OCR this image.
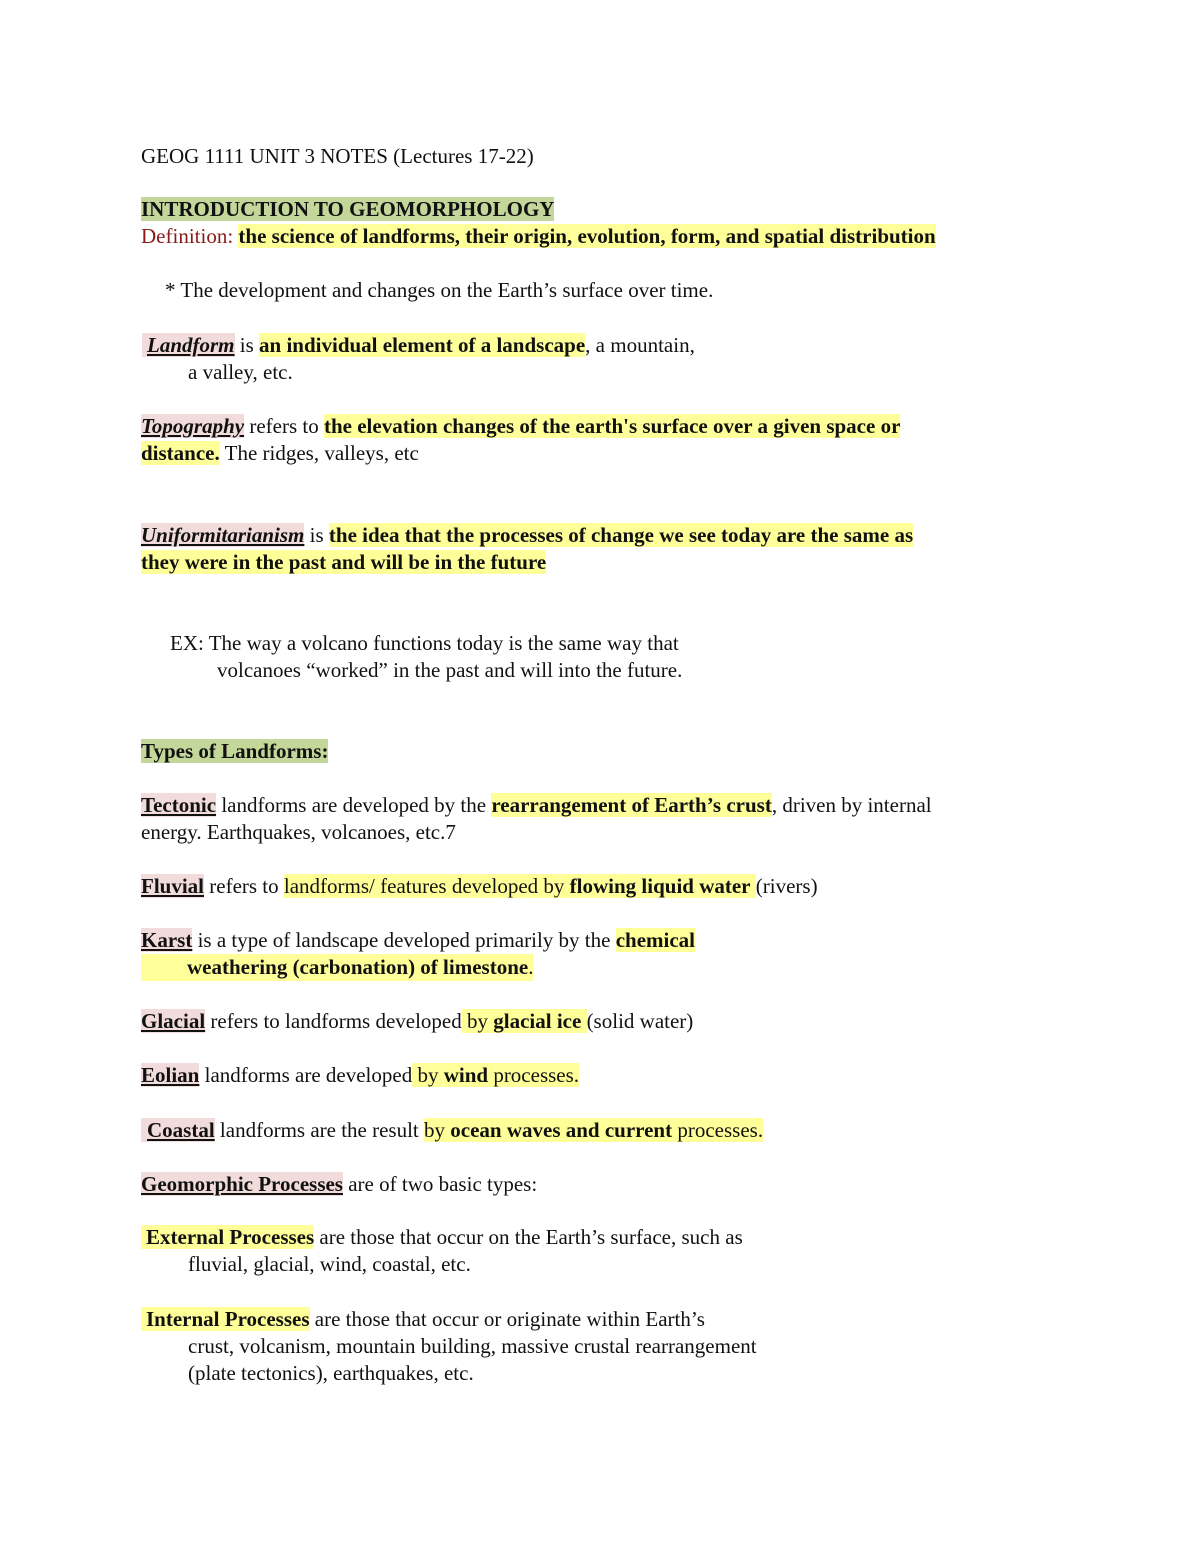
GEOG 1111 UNIT 3 NOTES (Lectures 17-22)

INTRODUCTION TO GEOMORPHOLOGY

Definition: the science of landforms, their origin, evolution, form, and spatial distribution

* The development and changes on the Earth’s surface over time.

Landform is an individual element of a landscape, a mountain,
a valley, etc.
Topography refers to the elevation changes of the earth's surface over a given space or
distance. The ridges, valleys, etc
Uniformitarianism is the idea that the processes of change we see today are the same as
they were in the past and will be in the future
EX: The way a volcano functions today is the same way that
volcanoes “worked” in the past and will into the future.

Types of Landforms:

Tectonic landforms are developed by the rearrangement of Earth’s crust, driven by internal
energy. Earthquakes, volcanoes, etc.7

Fluvial refers to landforms/ features developed by flowing liquid water (rivers)

Karst is a type of landscape developed primarily by the chemical
weathering (carbonation) of limestone.

Glacial refers to landforms developed by glacial ice (solid water)

Eolian landforms are developed by wind processes.

Coastal landforms are the result by ocean waves and current processes.

Geomorphic Processes are of two basic types:

External Processes are those that occur on the Earth’s surface, such as
fluvial, glacial, wind, coastal, etc.
Internal Processes are those that occur or originate within Earth’s
crust, volcanism, mountain building, massive crustal rearrangement
(plate tectonics), earthquakes, etc.
